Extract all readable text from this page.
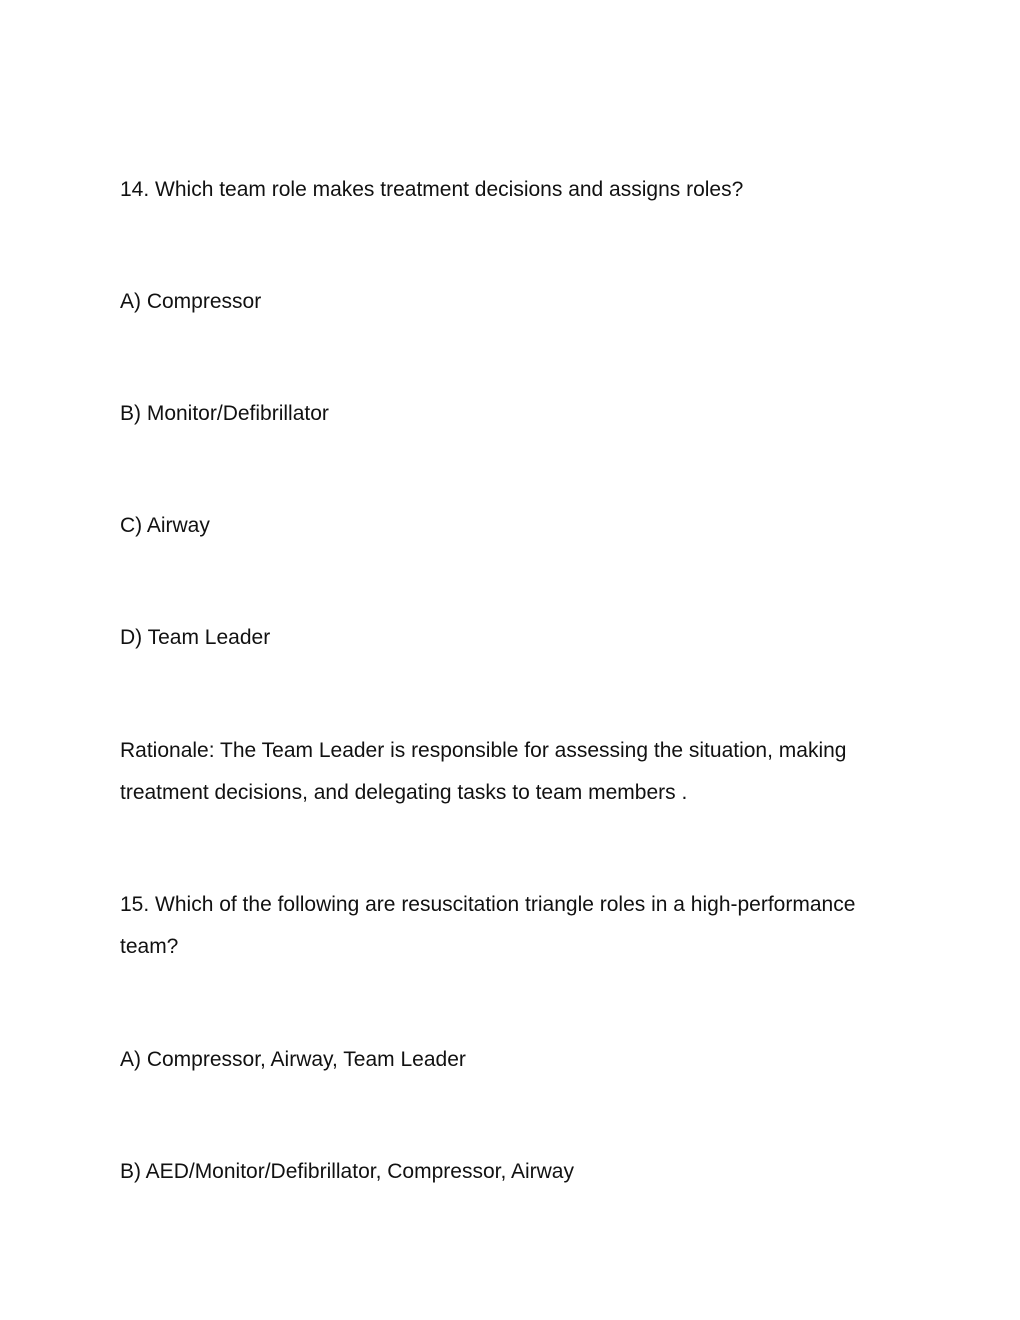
14. Which team role makes treatment decisions and assigns roles?
A) Compressor
B) Monitor/Defibrillator
C) Airway
D) Team Leader
Rationale: The Team Leader is responsible for assessing the situation, making treatment decisions, and delegating tasks to team members .
15. Which of the following are resuscitation triangle roles in a high-performance team?
A) Compressor, Airway, Team Leader
B) AED/Monitor/Defibrillator, Compressor, Airway
